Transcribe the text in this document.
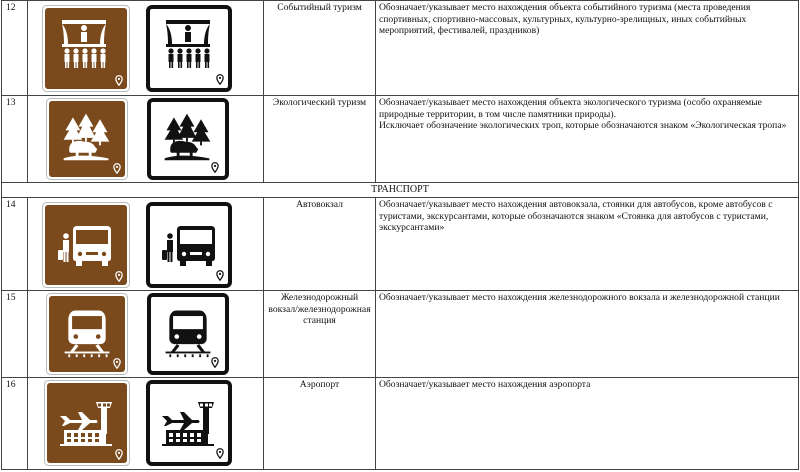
12		Событийный туризм	Обозначает/указывает место нахождения объекта событийного туризма (места проведения спортивных, спортивно-массовых, культурных, культурно-зрелищных, иных событийных мероприятий, фестивалей, праздников)
13		Экологический туризм	Обозначает/указывает место нахождения объекта экологического туризма (особо охраняемые природные территории, в том числе памятники природы).
Исключает обозначение экологических троп, которые обозначаются знаком «Экологическая тропа»

ТРАНСПОРТ			
14		Автовокзал	Обозначает/указывает место нахождения автовокзала, стоянки для автобусов, кроме автобусов с туристами, экскурсантами, которые обозначаются знаком «Стоянка для автобусов с туристами, экскурсантами»
15		Железнодорожный вокзал/железнодорожная станция	Обозначает/указывает место нахождения железнодорожного вокзала и железнодорожной станции
16		Аэропорт	Обозначает/указывает место нахождения аэропорта
